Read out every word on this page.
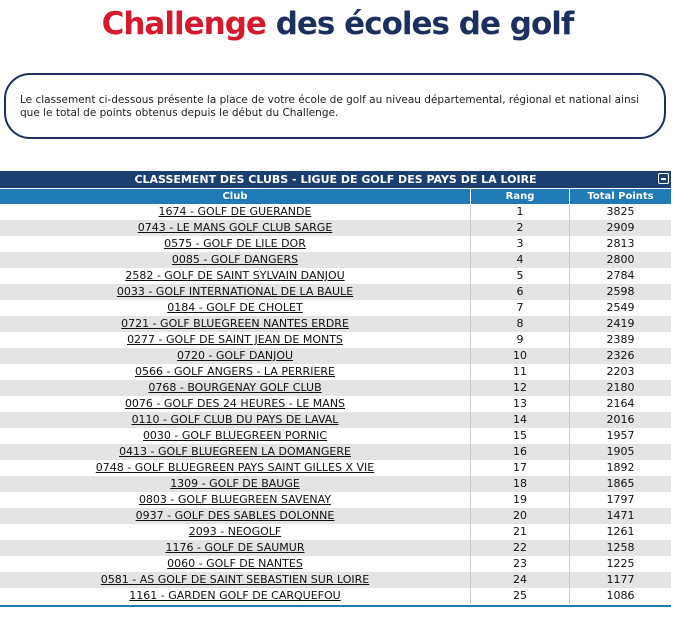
Challenge des écoles de golf

Le classement ci-dessous présente la place de votre école de golf au niveau départemental, régional et national ainsi que le total de points obtenus depuis le début du Challenge.

CLASSEMENT DES CLUBS - LIGUE DE GOLF DES PAYS DE LA LOIRE
Club	Rang	Total Points
1674 - GOLF DE GUERANDE	1	3825
0743 - LE MANS GOLF CLUB SARGE	2	2909
0575 - GOLF DE LILE DOR	3	2813
0085 - GOLF DANGERS	4	2800
2582 - GOLF DE SAINT SYLVAIN DANJOU	5	2784
0033 - GOLF INTERNATIONAL DE LA BAULE	6	2598
0184 - GOLF DE CHOLET	7	2549
0721 - GOLF BLUEGREEN NANTES ERDRE	8	2419
0277 - GOLF DE SAINT JEAN DE MONTS	9	2389
0720 - GOLF DANJOU	10	2326
0566 - GOLF ANGERS - LA PERRIERE	11	2203
0768 - BOURGENAY GOLF CLUB	12	2180
0076 - GOLF DES 24 HEURES - LE MANS	13	2164
0110 - GOLF CLUB DU PAYS DE LAVAL	14	2016
0030 - GOLF BLUEGREEN PORNIC	15	1957
0413 - GOLF BLUEGREEN LA DOMANGERE	16	1905
0748 - GOLF BLUEGREEN PAYS SAINT GILLES X VIE	17	1892
1309 - GOLF DE BAUGE	18	1865
0803 - GOLF BLUEGREEN SAVENAY	19	1797
0937 - GOLF DES SABLES DOLONNE	20	1471
2093 - NEOGOLF	21	1261
1176 - GOLF DE SAUMUR	22	1258
0060 - GOLF DE NANTES	23	1225
0581 - AS GOLF DE SAINT SEBASTIEN SUR LOIRE	24	1177
1161 - GARDEN GOLF DE CARQUEFOU	25	1086
